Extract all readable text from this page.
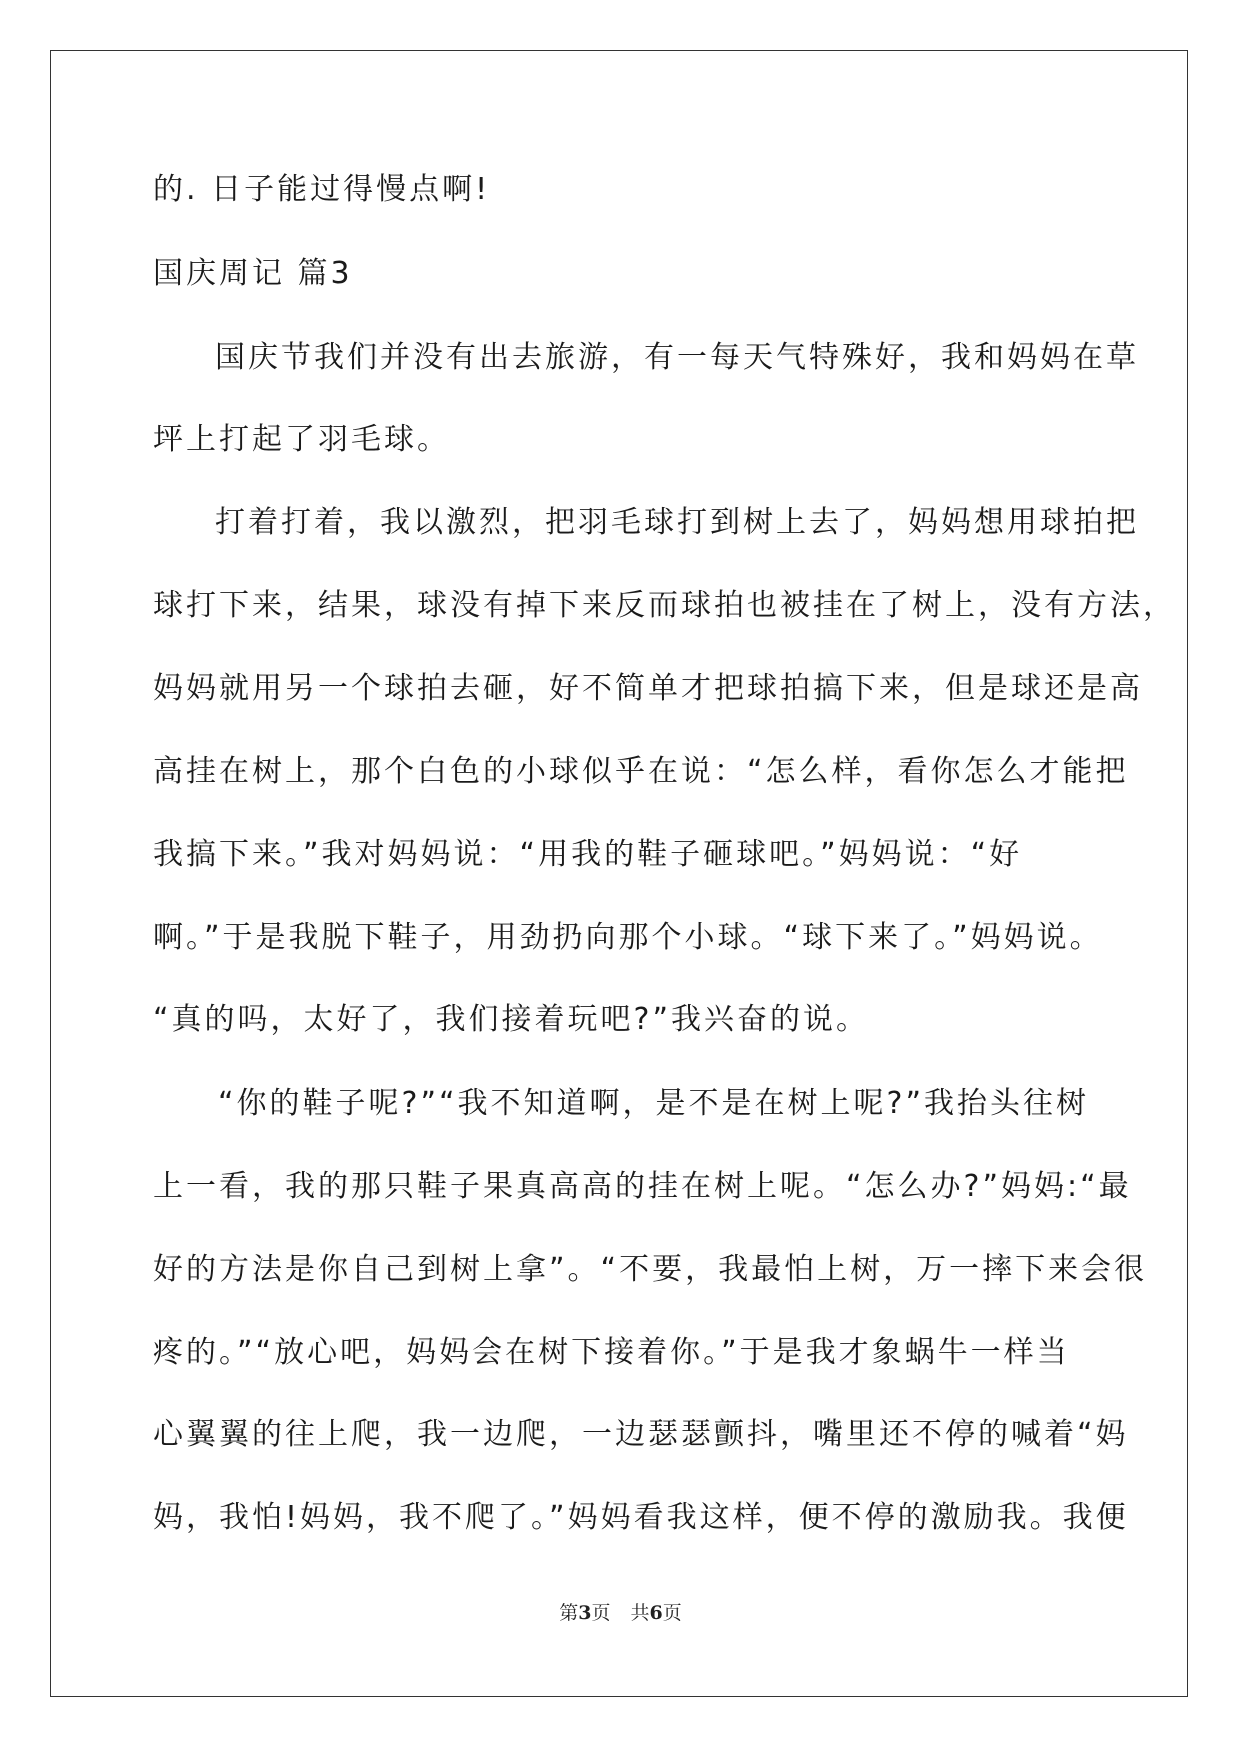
的. 日子能过得慢点啊!
国庆周记 篇3
国庆节我们并没有出去旅游，有一每天气特殊好，我和妈妈在草
坪上打起了羽毛球。
打着打着，我以激烈，把羽毛球打到树上去了，妈妈想用球拍把
球打下来，结果，球没有掉下来反而球拍也被挂在了树上，没有方法，
妈妈就用另一个球拍去砸，好不简单才把球拍搞下来，但是球还是高
高挂在树上，那个白色的小球似乎在说：“怎么样，看你怎么才能把
我搞下来。”我对妈妈说：“用我的鞋子砸球吧。”妈妈说：“好
啊。”于是我脱下鞋子，用劲扔向那个小球。“球下来了。”妈妈说。
“真的吗，太好了，我们接着玩吧?”我兴奋的说。
“你的鞋子呢?”“我不知道啊，是不是在树上呢?”我抬头往树
上一看，我的那只鞋子果真高高的挂在树上呢。“怎么办?”妈妈:“最
好的方法是你自己到树上拿”。“不要，我最怕上树，万一摔下来会很
疼的。”“放心吧，妈妈会在树下接着你。”于是我才象蜗牛一样当
心翼翼的往上爬，我一边爬，一边瑟瑟颤抖，嘴里还不停的喊着“妈
妈，我怕!妈妈，我不爬了。”妈妈看我这样，便不停的激励我。我便
第3页 共6页
